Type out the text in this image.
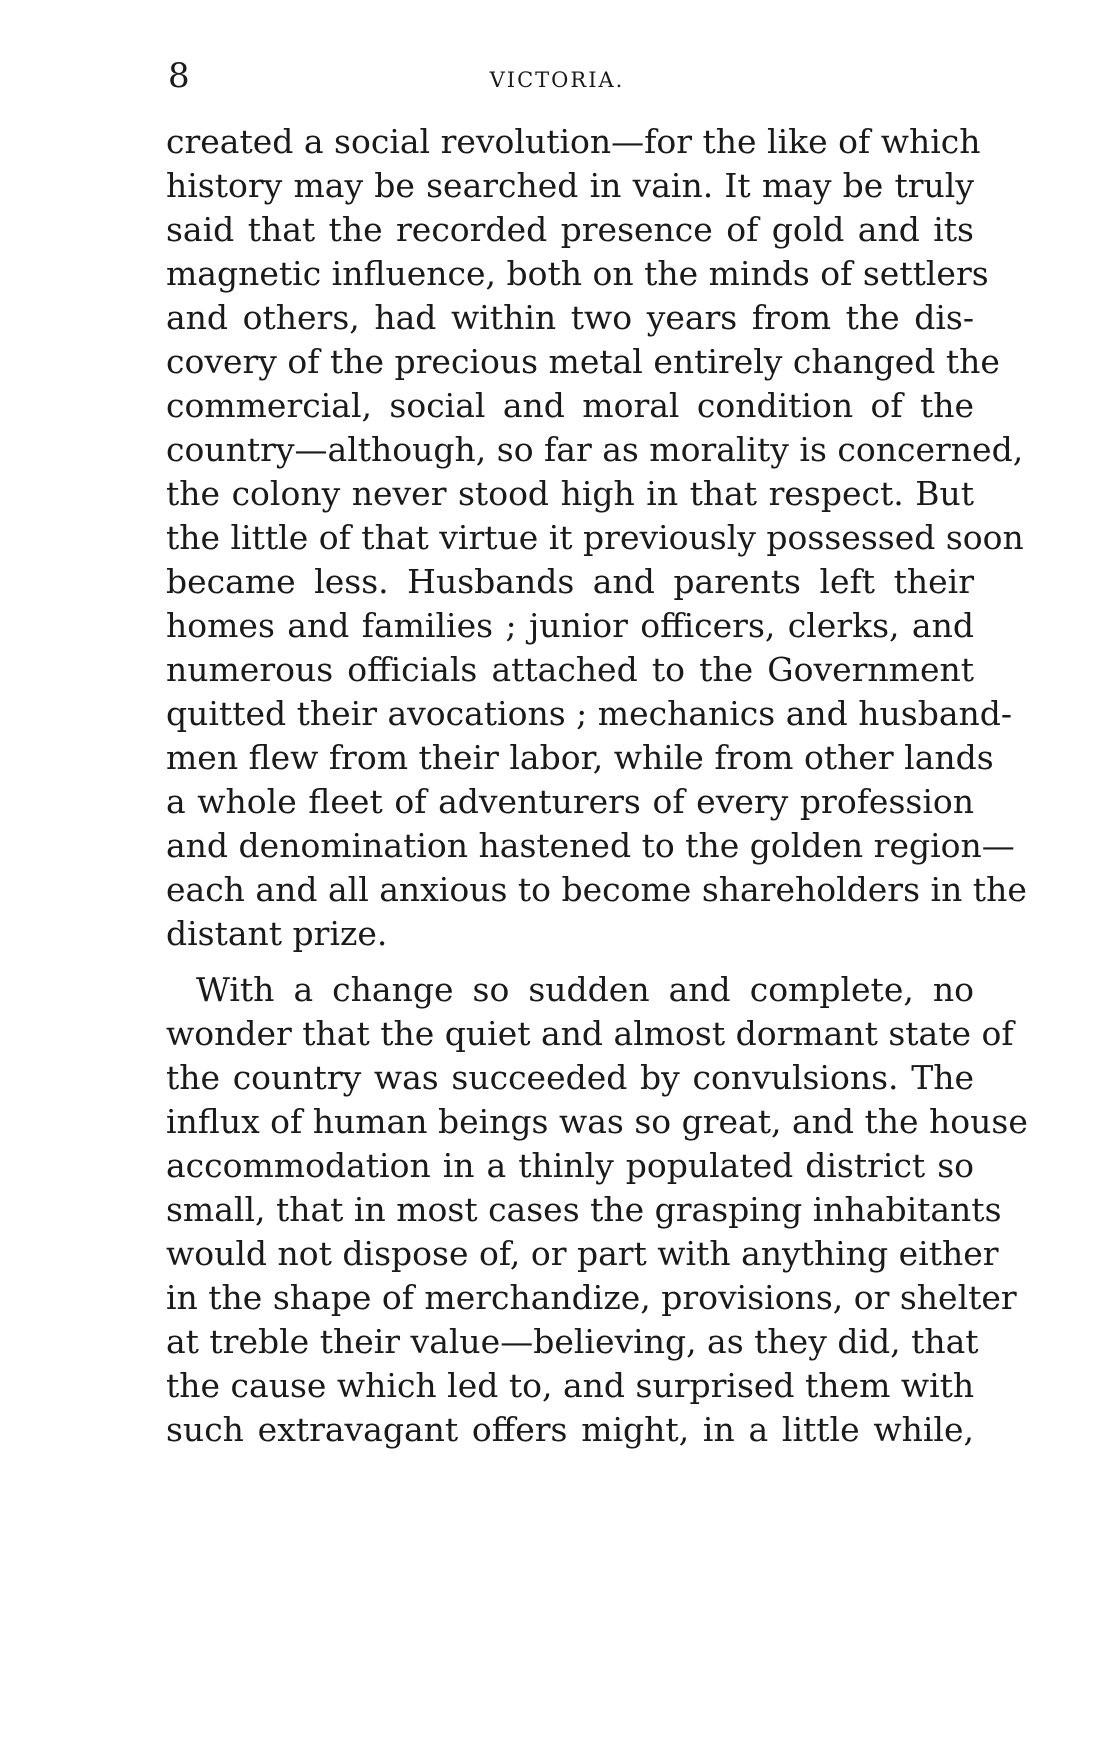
8	VICTORIA.
created a social revolution—for the like of which
history may be searched in vain. It may be truly
said that the recorded presence of gold and its
magnetic influence, both on the minds of settlers
and others, had within two years from the dis-
covery of the precious metal entirely changed the
commercial, social and moral condition of the
country—although, so far as morality is concerned,
the colony never stood high in that respect. But
the little of that virtue it previously possessed soon
became less. Husbands and parents left their
homes and families ; junior officers, clerks, and
numerous officials attached to the Government
quitted their avocations ; mechanics and husband-
men flew from their labor, while from other lands
a whole fleet of adventurers of every profession
and denomination hastened to the golden region—
each and all anxious to become shareholders in the
distant prize.
With a change so sudden and complete, no
wonder that the quiet and almost dormant state of
the country was succeeded by convulsions. The
influx of human beings was so great, and the house
accommodation in a thinly populated district so
small, that in most cases the grasping inhabitants
would not dispose of, or part with anything either
in the shape of merchandize, provisions, or shelter
at treble their value—believing, as they did, that
the cause which led to, and surprised them with
such extravagant offers might, in a little while,
